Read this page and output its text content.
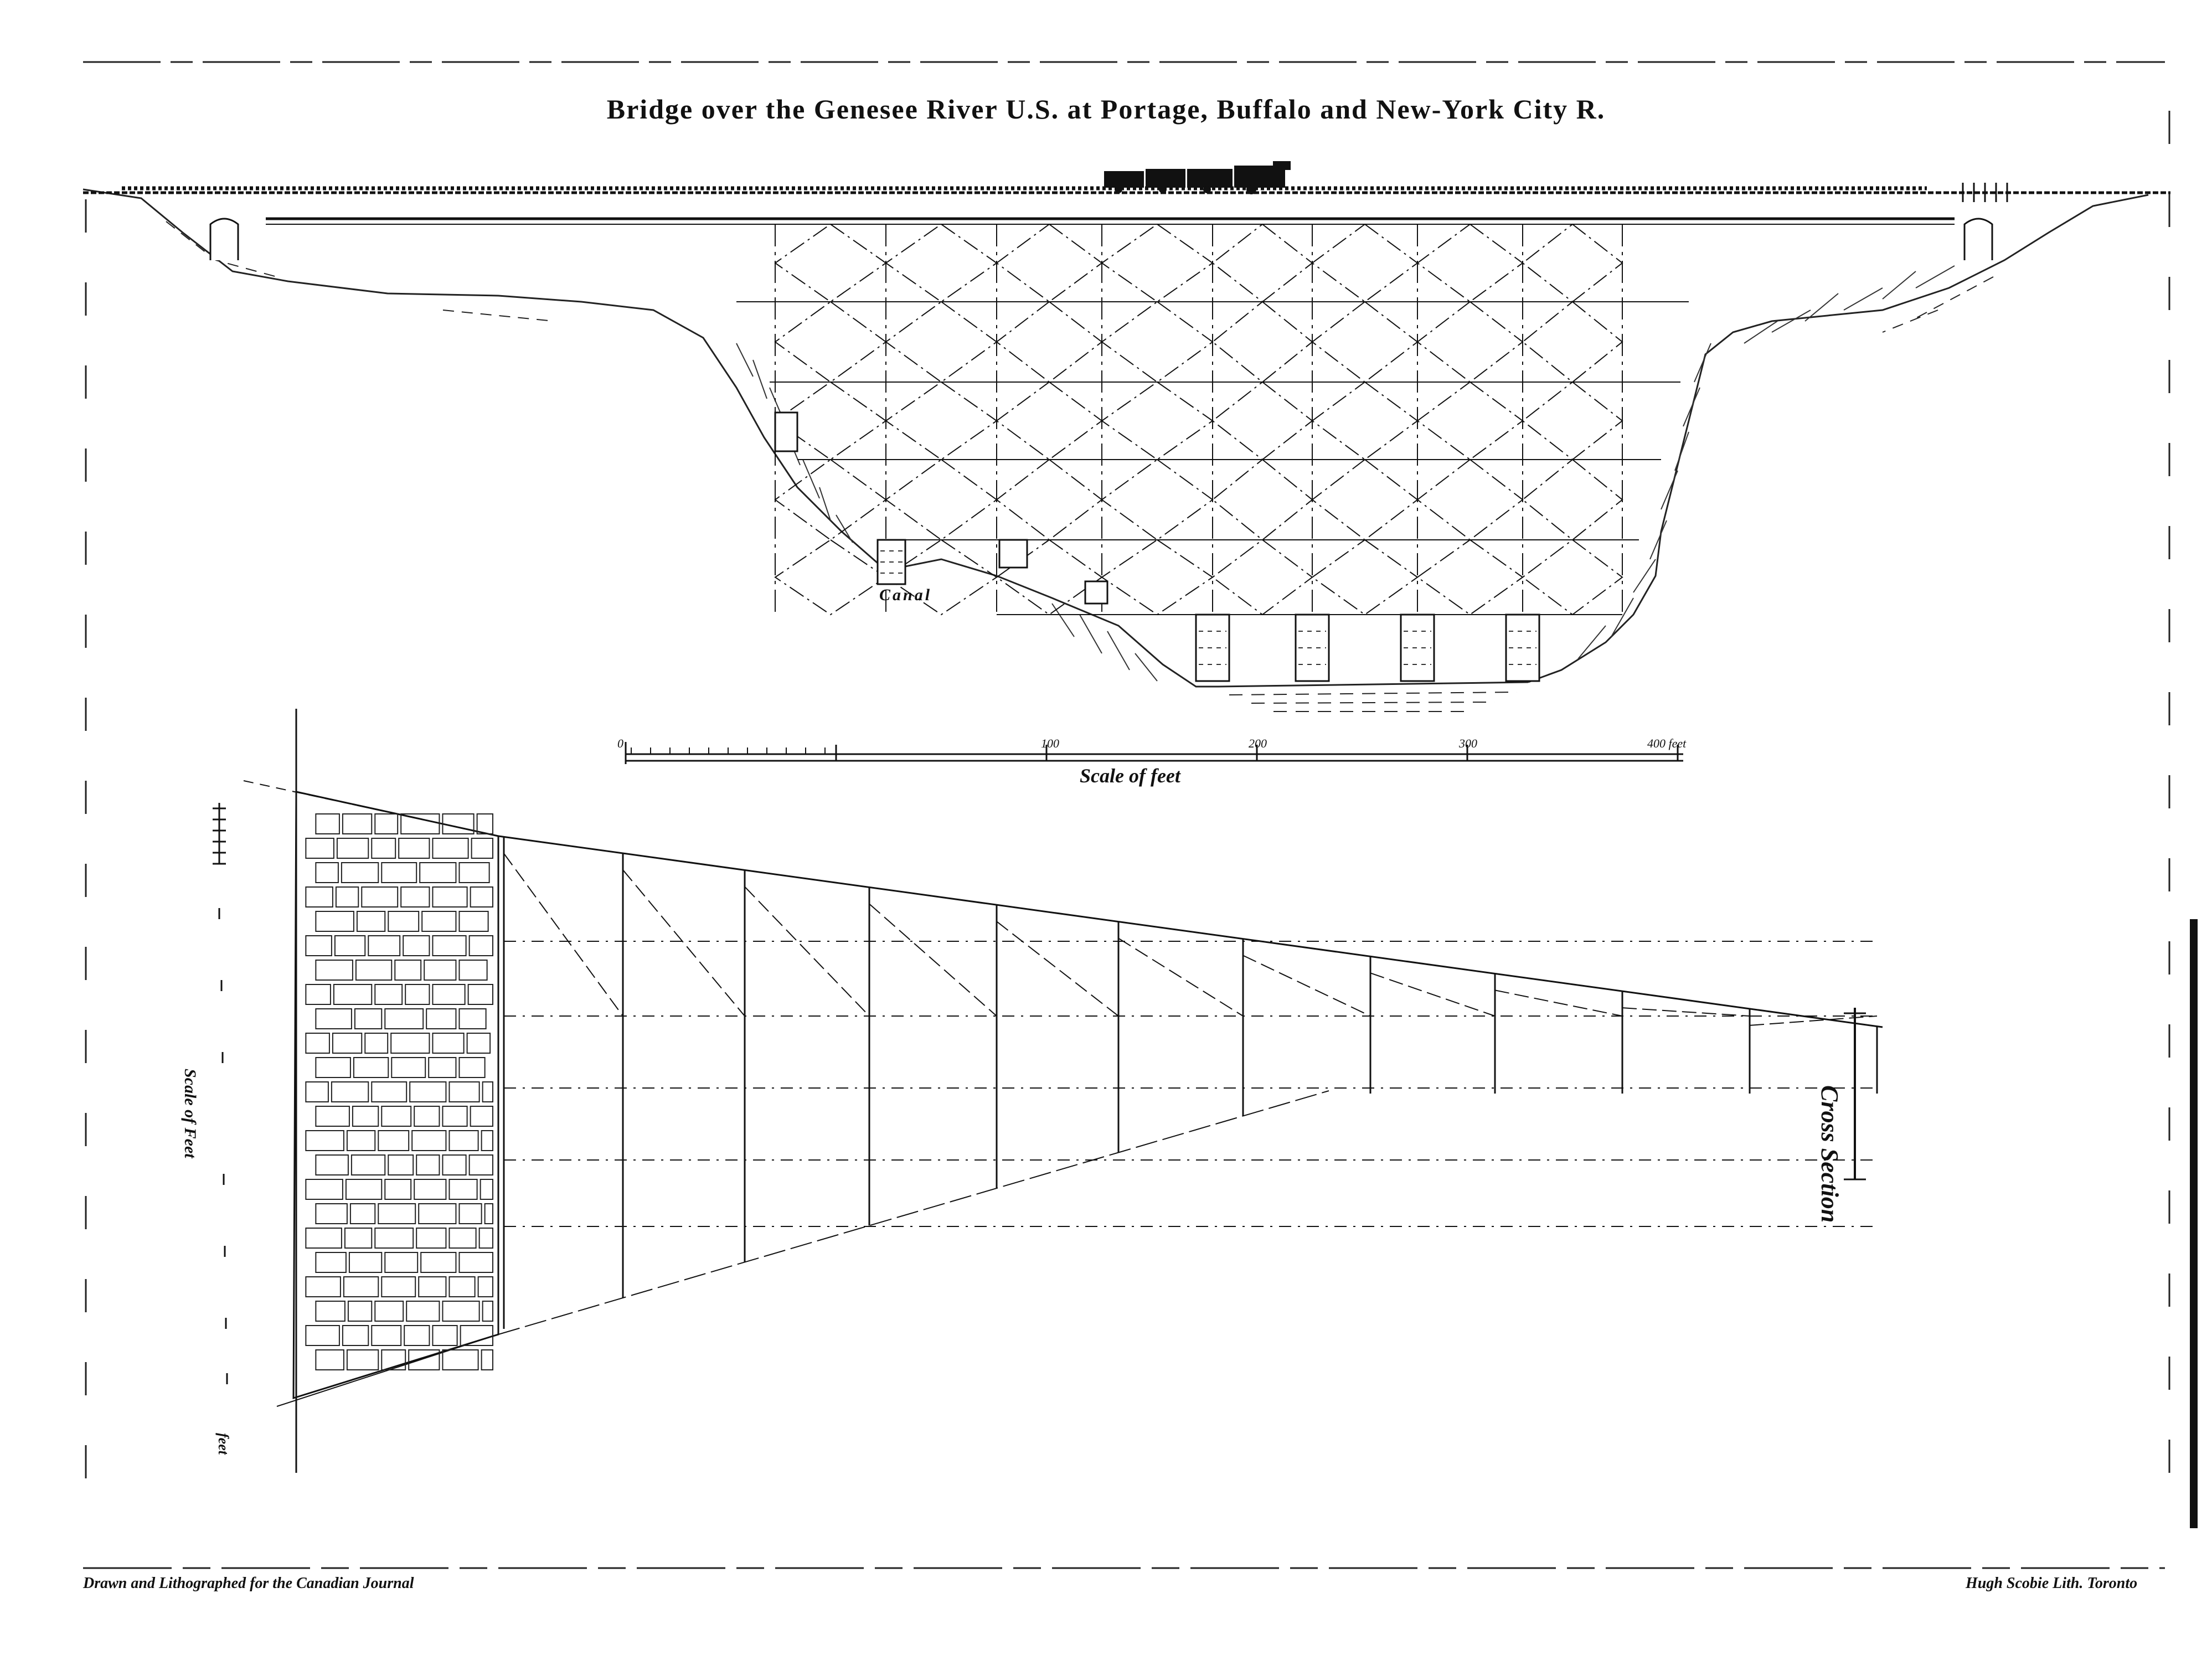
Bridge over the Genesee River U.S. at Portage, Buffalo and New-York City R.
Canal
Scale of feet
0	100	200	300	400 feet
Cross Section
Scale of Feet
feet
Drawn and Lithographed for the Canadian Journal	Hugh Scobie Lith. Toronto
